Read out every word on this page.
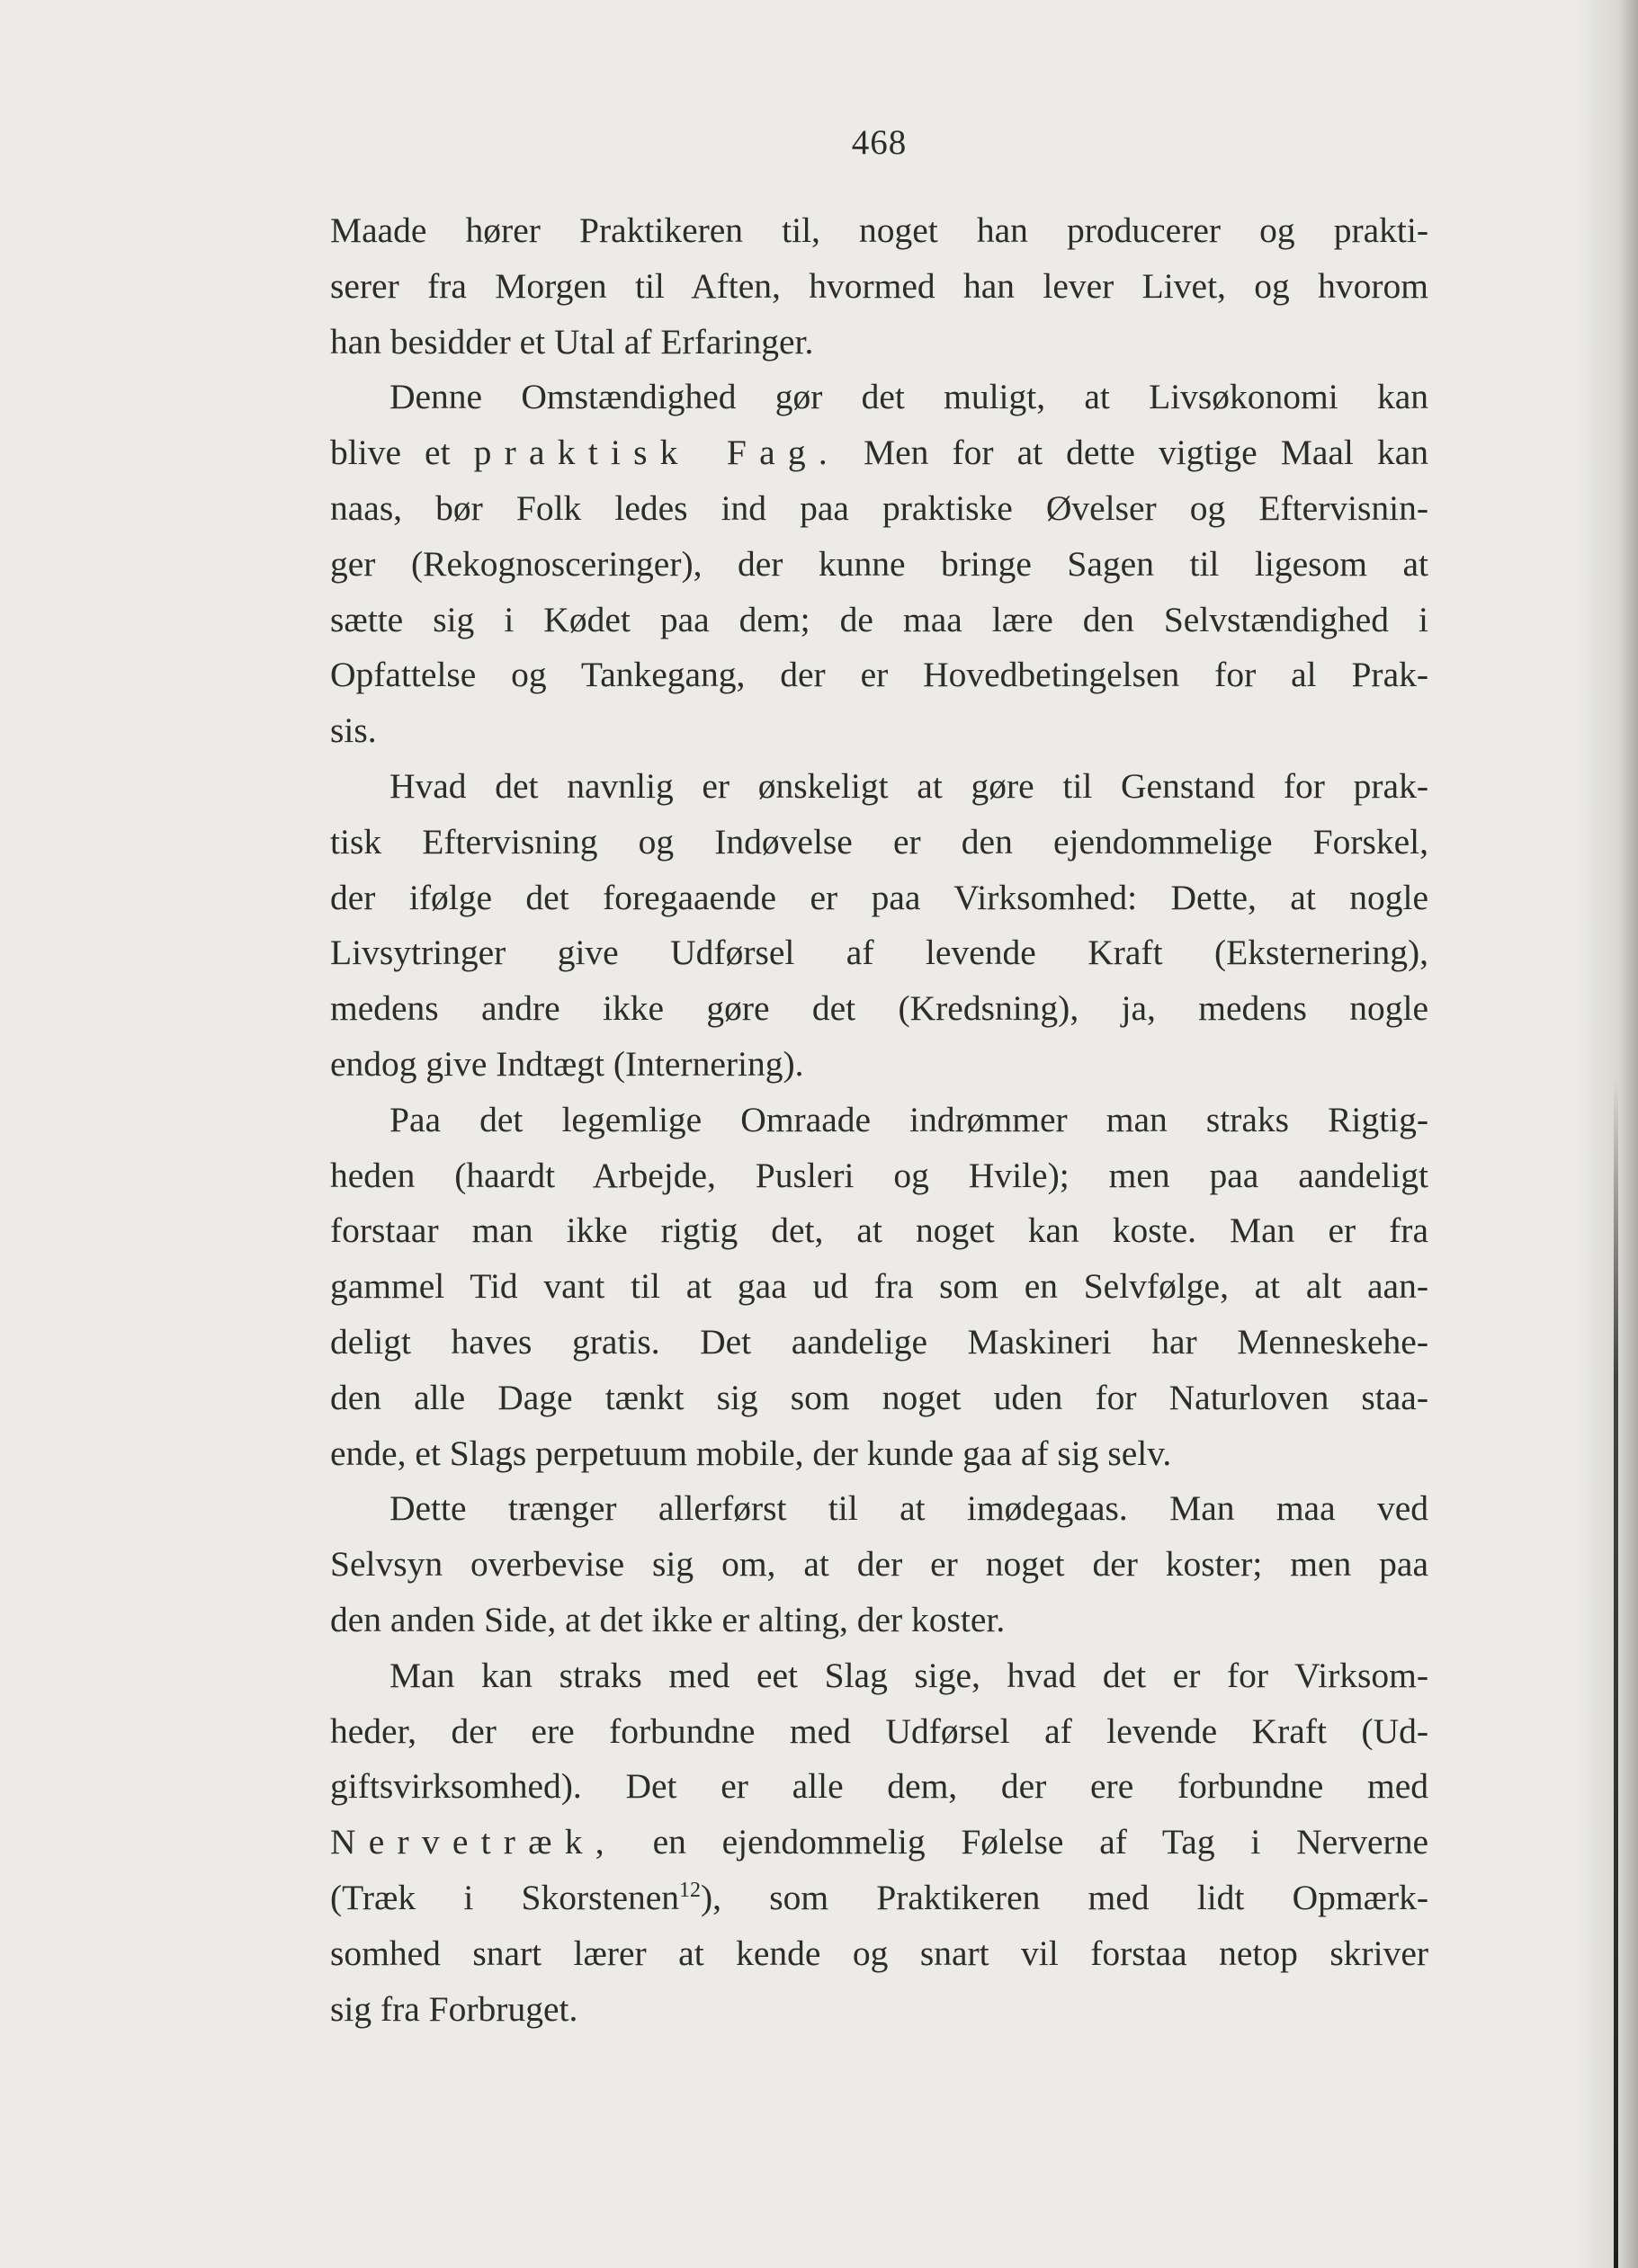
468
Maade hører Praktikeren til, noget han producerer og prakti-
serer fra Morgen til Aften, hvormed han lever Livet, og hvorom
han besidder et Utal af Erfaringer.
Denne Omstændighed gør det muligt, at Livsøkonomi kan
blive et praktisk Fag. Men for at dette vigtige Maal kan
naas, bør Folk ledes ind paa praktiske Øvelser og Eftervisnin-
ger (Rekognosceringer), der kunne bringe Sagen til ligesom at
sætte sig i Kødet paa dem; de maa lære den Selvstændighed i
Opfattelse og Tankegang, der er Hovedbetingelsen for al Prak-
sis.
Hvad det navnlig er ønskeligt at gøre til Genstand for prak-
tisk Eftervisning og Indøvelse er den ejendommelige Forskel,
der ifølge det foregaaende er paa Virksomhed: Dette, at nogle
Livsytringer give Udførsel af levende Kraft (Eksternering),
medens andre ikke gøre det (Kredsning), ja, medens nogle
endog give Indtægt (Internering).
Paa det legemlige Omraade indrømmer man straks Rigtig-
heden (haardt Arbejde, Pusleri og Hvile); men paa aandeligt
forstaar man ikke rigtig det, at noget kan koste. Man er fra
gammel Tid vant til at gaa ud fra som en Selvfølge, at alt aan-
deligt haves gratis. Det aandelige Maskineri har Menneskehe-
den alle Dage tænkt sig som noget uden for Naturloven staa-
ende, et Slags perpetuum mobile, der kunde gaa af sig selv.
Dette trænger allerførst til at imødegaas. Man maa ved
Selvsyn overbevise sig om, at der er noget der koster; men paa
den anden Side, at det ikke er alting, der koster.
Man kan straks med eet Slag sige, hvad det er for Virksom-
heder, der ere forbundne med Udførsel af levende Kraft (Ud-
giftsvirksomhed). Det er alle dem, der ere forbundne med
Nervetræk, en ejendommelig Følelse af Tag i Nerverne
(Træk i Skorstenen$^{12}$), som Praktikeren med lidt Opmærk-
somhed snart lærer at kende og snart vil forstaa netop skriver
sig fra Forbruget.
